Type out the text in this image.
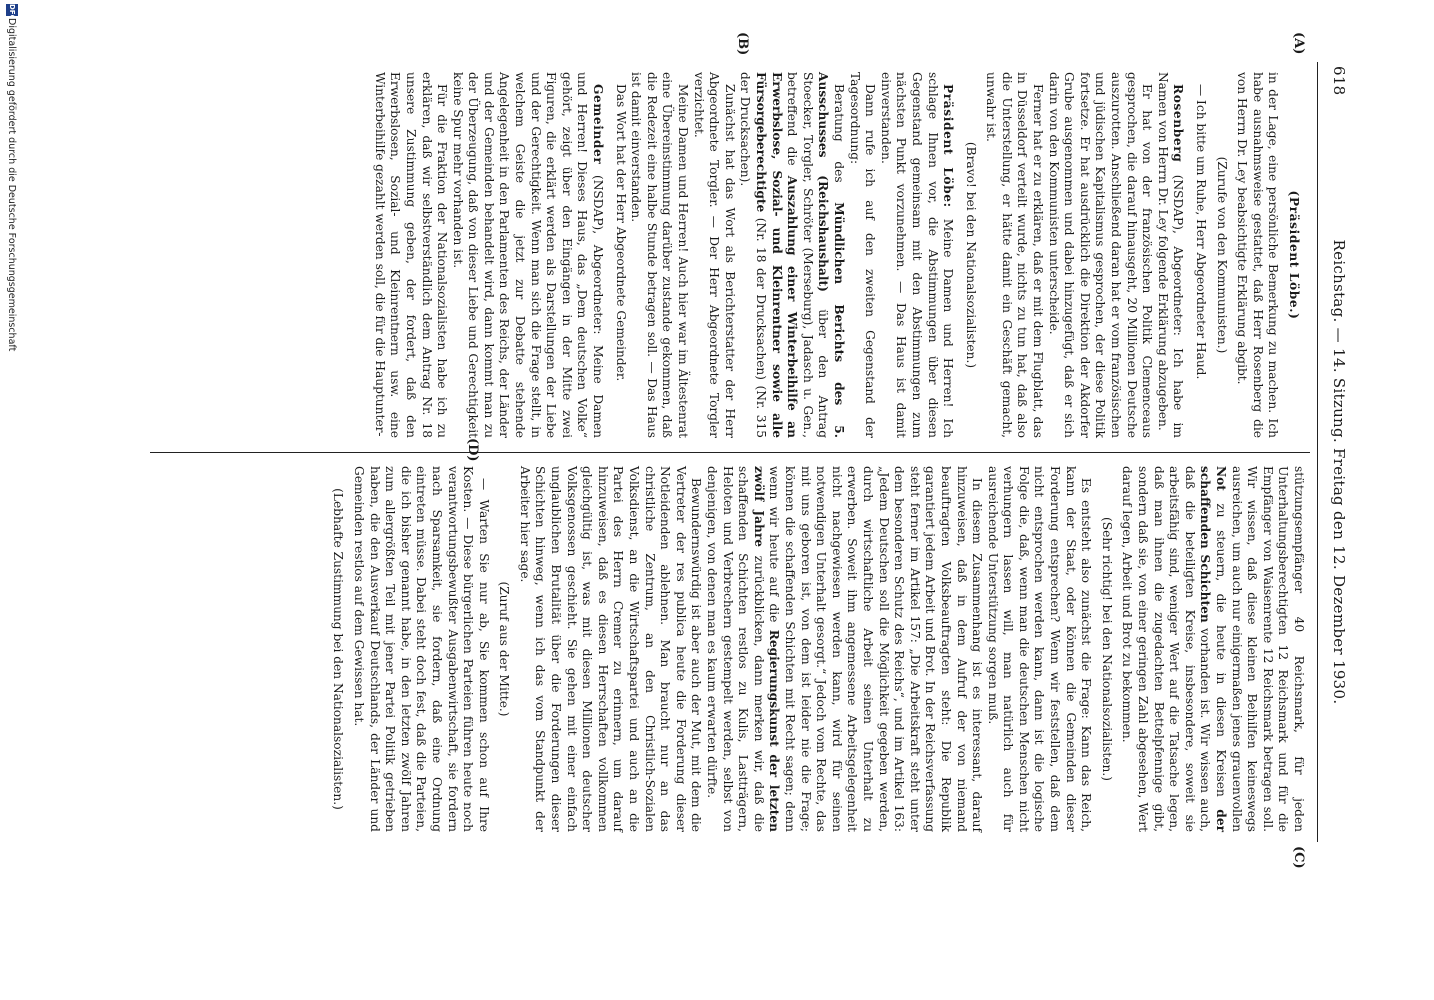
618
Reichstag. — 14. Sitzung. Freitag den 12. Dezember 1930.
(A)
(B)
(C)
(D)

(Präsident Löbe.)

in der Lage, eine persönliche Bemerkung zu machen. Ich habe ausnahmsweise gestattet, daß Herr Rosenberg die von Herrn Dr. Ley beabsichtigte Erklärung abgibt.

(Zurufe von den Kommunisten.)

— Ich bitte um Ruhe, Herr Abgeordneter Haud.

Rosenberg (NSDAP), Abgeordneter: Ich habe im Namen von Herrn Dr. Ley folgende Erklärung abzugeben.

Er hat von der französischen Politik Clemenceaus gesprochen, die darauf hinausgeht, 20 Millionen Deutsche auszurotten. Anschließend daran hat er vom französischen und jüdischen Kapitalismus gesprochen, der diese Politik fortsetze. Er hat ausdrücklich die Direktion der Akdorfer Grube ausgenommen und dabei hinzugefügt, daß er sich darin von den Kommunisten unterscheide.

Ferner hat er zu erklären, daß er mit dem Flugblatt, das in Düsseldorf verteilt wurde, nichts zu tun hat, daß also die Unterstellung, er hätte damit ein Geschäft gemacht, unwahr ist.

(Bravo! bei den Nationalsozialisten.)

Präsident Löbe: Meine Damen und Herren! Ich schlage Ihnen vor, die Abstimmungen über diesen Gegenstand gemeinsam mit den Abstimmungen zum nächsten Punkt vorzunehmen. — Das Haus ist damit einverstanden.

Dann rufe ich auf den zweiten Gegenstand der Tagesordnung:

Beratung des Mündlichen Berichts des 5. Ausschusses (Reichshaushalt) über den Antrag Stoecker, Torgler, Schröter (Merseburg), Jadasch u. Gen., betreffend die Auszahlung einer Winterbeihilfe an Erwerbslose, Sozial- und Kleinrentner sowie alle Fürsorgeberechtigte (Nr. 18 der Drucksachen) (Nr. 315 der Drucksachen).

Zunächst hat das Wort als Berichterstatter der Herr Abgeordnete Torgler. — Der Herr Abgeordnete Torgler verzichtet.

Meine Damen und Herren! Auch hier war im Ältestenrat eine Übereinstimmung darüber zustande gekommen, daß die Redezeit eine halbe Stunde betragen soll. — Das Haus ist damit einverstanden.

Das Wort hat der Herr Abgeordnete Gemeinder.

Gemeinder (NSDAP), Abgeordneter: Meine Damen und Herren! Dieses Haus, das „Dem deutschen Volke“ gehört, zeigt über den Eingängen in der Mitte zwei Figuren, die erklärt werden als Darstellungen der Liebe und der Gerechtigkeit. Wenn man sich die Frage stellt, in welchem Geiste die jetzt zur Debatte stehende Angelegenheit in den Parlamenten des Reichs, der Länder und der Gemeinden behandelt wird, dann kommt man zu der Überzeugung, daß von dieser Liebe und Gerechtigkeit keine Spur mehr vorhanden ist.

Für die Fraktion der Nationalsozialisten habe ich zu erklären, daß wir selbstverständlich dem Antrag Nr. 18 unsere Zustimmung geben, der fordert, daß den Erwerbslosen, Sozial- und Kleinrentnern usw. eine Winterbeihilfe gezahlt werden soll, die für die Hauptunter-

stützungsempfänger 40 Reichsmark, für jeden Unterhaltungsberechtigten 12 Reichsmark und für die Empfänger von Waisenrente 12 Reichsmark betragen soll. Wir wissen, daß diese kleinen Beihilfen keineswegs ausreichen, um auch nur einigermaßen jenes grauenvollen Not zu steuern, die heute in diesen Kreisen der schaffenden Schichten vorhanden ist. Wir wissen auch, daß die beteiligten Kreise, insbesondere, soweit sie arbeitsfähig sind, weniger Wert auf die Tatsache legen, daß man ihnen die zugedachten Bettelpfennige gibt, sondern daß sie, von einer geringen Zahl abgesehen, Wert darauf legen, Arbeit und Brot zu bekommen.

(Sehr richtig! bei den Nationalsozialisten.)

Es entsteht also zunächst die Frage: Kann das Reich, kann der Staat, oder können die Gemeinden dieser Forderung entsprechen? Wenn wir feststellen, daß dem nicht entsprochen werden kann, dann ist die logische Folge die, daß, wenn man die deutschen Menschen nicht verhungern lassen will, man natürlich auch für ausreichende Unterstützung sorgen muß.

In diesem Zusammenhang ist es interessant, darauf hinzuweisen, daß in dem Aufruf der von niemand beauftragten Volksbeauftragten steht: Die Republik garantiert jedem Arbeit und Brot. In der Reichsverfassung steht ferner im Artikel 157: „Die Arbeitskraft steht unter dem besonderen Schutz des Reichs“, und im Artikel 163: „Jedem Deutschen soll die Möglichkeit gegeben werden, durch wirtschaftliche Arbeit seinen Unterhalt zu erwerben. Soweit ihm angemessene Arbeitsgelegenheit nicht nachgewiesen werden kann, wird für seinen notwendigen Unterhalt gesorgt.“ Jedoch vom Rechte, das mit uns geboren ist, von dem ist leider nie die Frage; können die schaffenden Schichten mit Recht sagen; denn wenn wir heute auf die Regierungskunst der letzten zwölf Jahre zurückblicken, dann merken wir, daß die schaffenden Schichten restlos zu Kulis, Lastträgern, Heloten und Verbrechern gestempelt werden, selbst von denjenigen, von denen man es kaum erwarten dürfte.

Bewundernswürdig ist aber auch der Mut, mit dem die Vertreter der res publica heute die Forderung dieser Notleidenden ablehnen. Man braucht nur an das christliche Zentrum, an den Christlich-Sozialen Volksdienst, an die Wirtschaftspartei und auch an die Partei des Herrn Cremer zu erinnern, um darauf hinzuweisen, daß es diesen Herrschaften vollkommen gleichgültig ist, was mit diesen Millionen deutscher Volksgenossen geschieht. Sie gehen mit einer einfach unglaublichen Brutalität über die Forderungen dieser Schichten hinweg, wenn ich das vom Standpunkt der Arbeiter hier sage.

(Zuruf aus der Mitte.)

— Warten Sie nur ab, Sie kommen schon auf Ihre Kosten. — Diese bürgerlichen Parteien führen heute noch verantwortungsbewußter Ausgabenwirtschaft, sie fordern nach Sparsamkeit, sie fordern, daß eine Ordnung eintreten müsse. Dabei steht doch fest, daß die Parteien, die ich bisher genannt habe, in den letzten zwölf Jahren zum allergrößten Teil mit jener Partei Politik getrieben haben, die den Ausverkauf Deutschlands, der Länder und Gemeinden restlos auf dem Gewissen hat.

(Lebhafte Zustimmung bei den Nationalsozialisten.)

DFG
Digitalisierung gefördert durch die Deutsche Forschungsgemeinschaft
